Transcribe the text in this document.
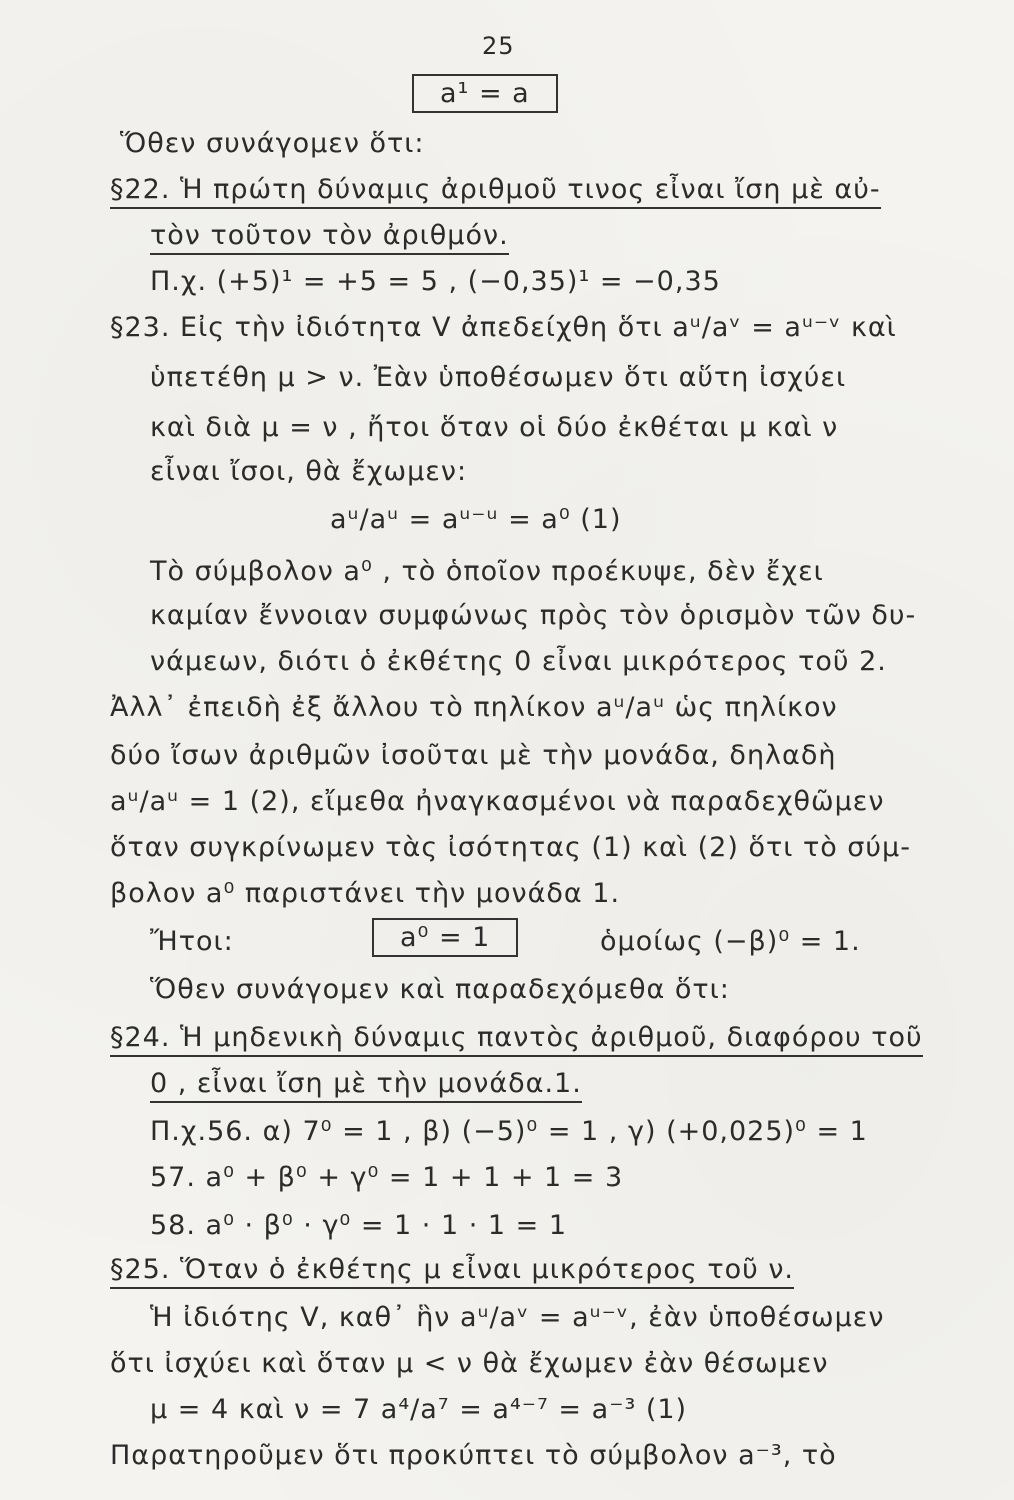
25
a¹ = a
Ὅθεν συνάγομεν ὅτι:
§22. Ἡ πρώτη δύναμις ἀριθμοῦ τινος εἶναι ἴση μὲ αὐ-
τὸν τοῦτον τὸν ἀριθμόν.
Π.χ. (+5)¹ = +5 = 5 , (−0,35)¹ = −0,35
§23. Εἰς τὴν ἰδιότητα V ἀπεδείχθη ὅτι aᵘ/aᵛ = aᵘ⁻ᵛ καὶ
ὑπετέθη μ > ν. Ἐὰν ὑποθέσωμεν ὅτι αὕτη ἰσχύει
καὶ διὰ μ = ν , ἤτοι ὅταν οἱ δύο ἐκθέται μ καὶ ν
εἶναι ἴσοι, θὰ ἔχωμεν:
aᵘ/aᵘ = aᵘ⁻ᵘ = a⁰ (1)
Τὸ σύμβολον a⁰ , τὸ ὁποῖον προέκυψε, δὲν ἔχει
καμίαν ἔννοιαν συμφώνως πρὸς τὸν ὁρισμὸν τῶν δυ-
νάμεων, διότι ὁ ἐκθέτης 0 εἶναι μικρότερος τοῦ 2.
Ἀλλ᾽ ἐπειδὴ ἐξ ἄλλου τὸ πηλίκον aᵘ/aᵘ ὡς πηλίκον
δύο ἴσων ἀριθμῶν ἰσοῦται μὲ τὴν μονάδα, δηλαδὴ
aᵘ/aᵘ = 1 (2), εἴμεθα ἠναγκασμένοι νὰ παραδεχθῶμεν
ὅταν συγκρίνωμεν τὰς ἰσότητας (1) καὶ (2) ὅτι τὸ σύμ-
βολον a⁰ παριστάνει τὴν μονάδα 1.
Ἤτοι:	a⁰ = 1	ὁμοίως (−β)⁰ = 1.
Ὅθεν συνάγομεν καὶ παραδεχόμεθα ὅτι:
§24. Ἡ μηδενικὴ δύναμις παντὸς ἀριθμοῦ, διαφόρου τοῦ
0 , εἶναι ἴση μὲ τὴν μονάδα.1.
Π.χ.56. α) 7⁰ = 1 , β) (−5)⁰ = 1 , γ) (+0,025)⁰ = 1
57. a⁰ + β⁰ + γ⁰ = 1 + 1 + 1 = 3
58. a⁰ · β⁰ · γ⁰ = 1 · 1 · 1 = 1
§25. Ὅταν ὁ ἐκθέτης μ εἶναι μικρότερος τοῦ ν.
Ἡ ἰδιότης V, καθ᾽ ἣν aᵘ/aᵛ = aᵘ⁻ᵛ, ἐὰν ὑποθέσωμεν
ὅτι ἰσχύει καὶ ὅταν μ < ν θὰ ἔχωμεν ἐὰν θέσωμεν
μ = 4 καὶ ν = 7 a⁴/a⁷ = a⁴⁻⁷ = a⁻³ (1)
Παρατηροῦμεν ὅτι προκύπτει τὸ σύμβολον a⁻³, τὸ
